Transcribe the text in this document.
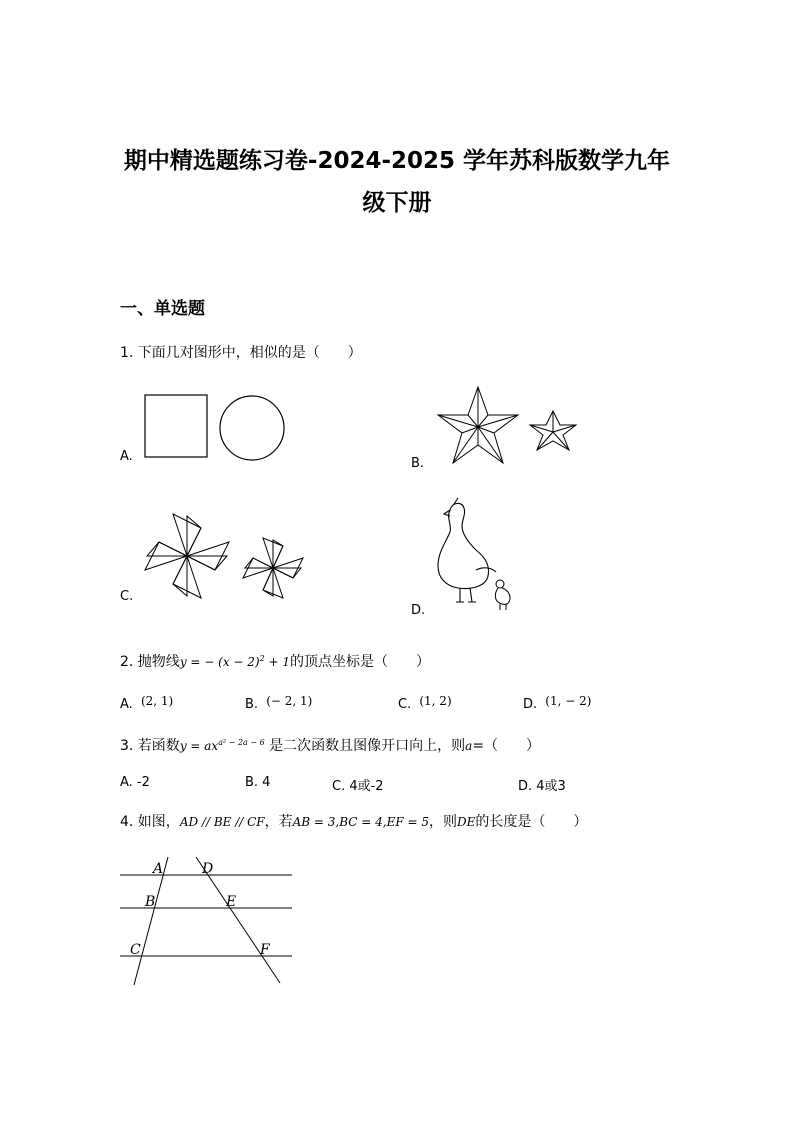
期中精选题练习卷-2024-2025 学年苏科版数学九年
级下册
一、单选题
1. 下面几对图形中，相似的是（　　）
A.	B.
C.
D.
2. 抛物线y = − $(x - 2)^2 + 1$的顶点坐标是（　　）
A. (2, 1)	B. (− 2, 1)	C. (1, 2)	D. (1, − 2)
3. 若函数$y = ax^{a^2 - 2a - 6}$ 是二次函数且图像开口向上，则a=（　　）
A. ‐2	B. 4	C. 4或‐2	D. 4或3
4. 如图，AD // BE // CF，若AB = 3,BC = 4,EF = 5，则DE的长度是（　　）
A	D
B	E
C	F
